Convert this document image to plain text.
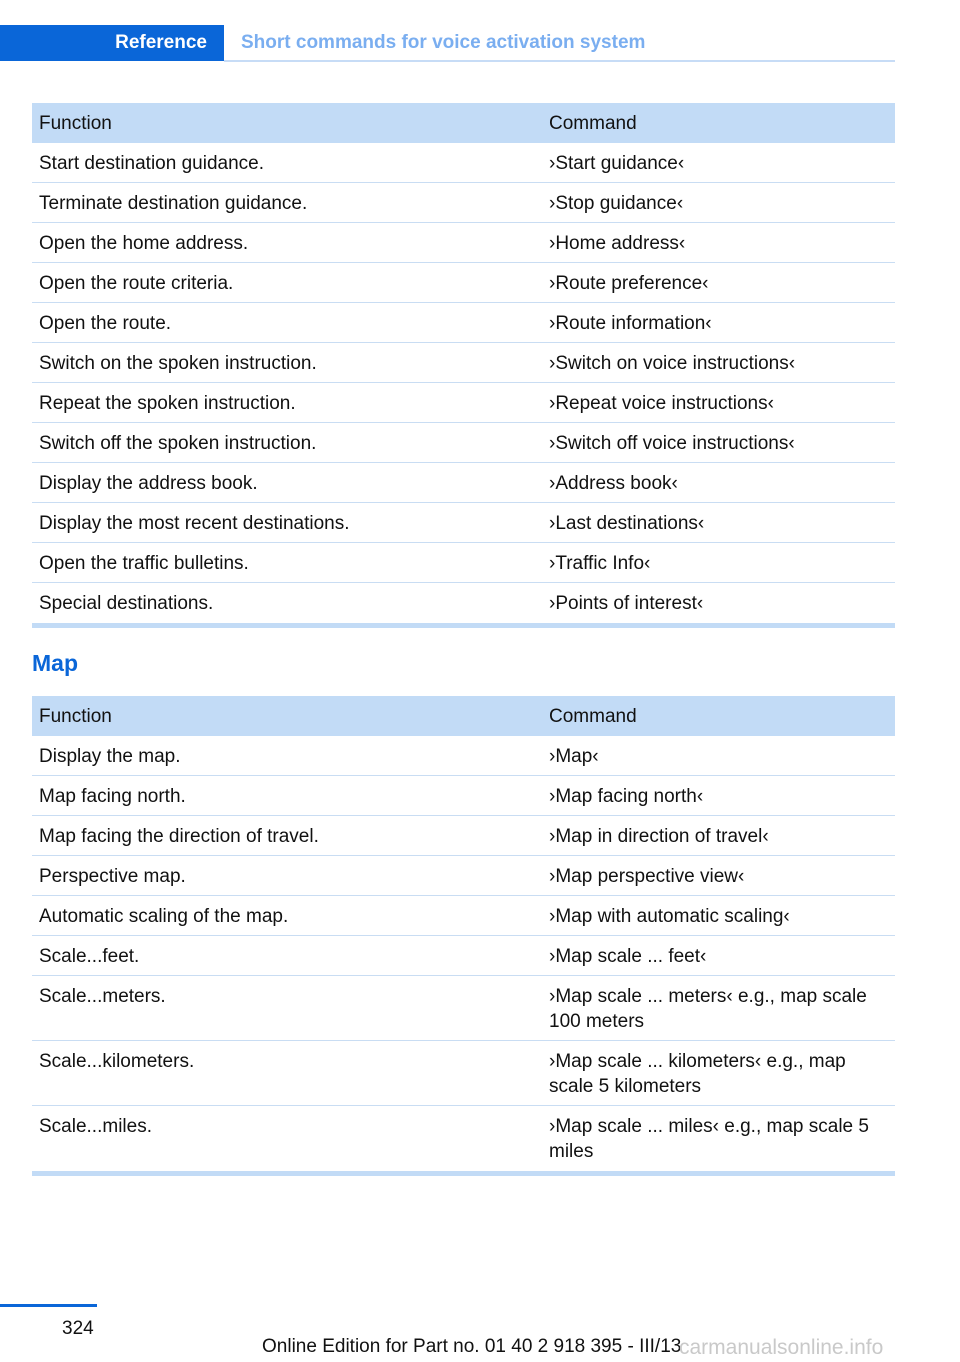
Reference	Short commands for voice activation system
Function	Command
Start destination guidance.	›Start guidance‹
Terminate destination guidance.	›Stop guidance‹
Open the home address.	›Home address‹
Open the route criteria.	›Route preference‹
Open the route.	›Route information‹
Switch on the spoken instruction.	›Switch on voice instructions‹
Repeat the spoken instruction.	›Repeat voice instructions‹
Switch off the spoken instruction.	›Switch off voice instructions‹
Display the address book.	›Address book‹
Display the most recent destinations.	›Last destinations‹
Open the traffic bulletins.	›Traffic Info‹
Special destinations.	›Points of interest‹
Map
Function	Command
Display the map.	›Map‹
Map facing north.	›Map facing north‹
Map facing the direction of travel.	›Map in direction of travel‹
Perspective map.	›Map perspective view‹
Automatic scaling of the map.	›Map with automatic scaling‹
Scale...feet.	›Map scale ... feet‹
Scale...meters.	›Map scale ... meters‹ e.g., map scale 100 meters
Scale...kilometers.	›Map scale ... kilometers‹ e.g., map scale 5 kilometers
Scale...miles.	›Map scale ... miles‹ e.g., map scale 5 miles
324
Online Edition for Part no. 01 40 2 918 395 - III/13
carmanualsonline.info
